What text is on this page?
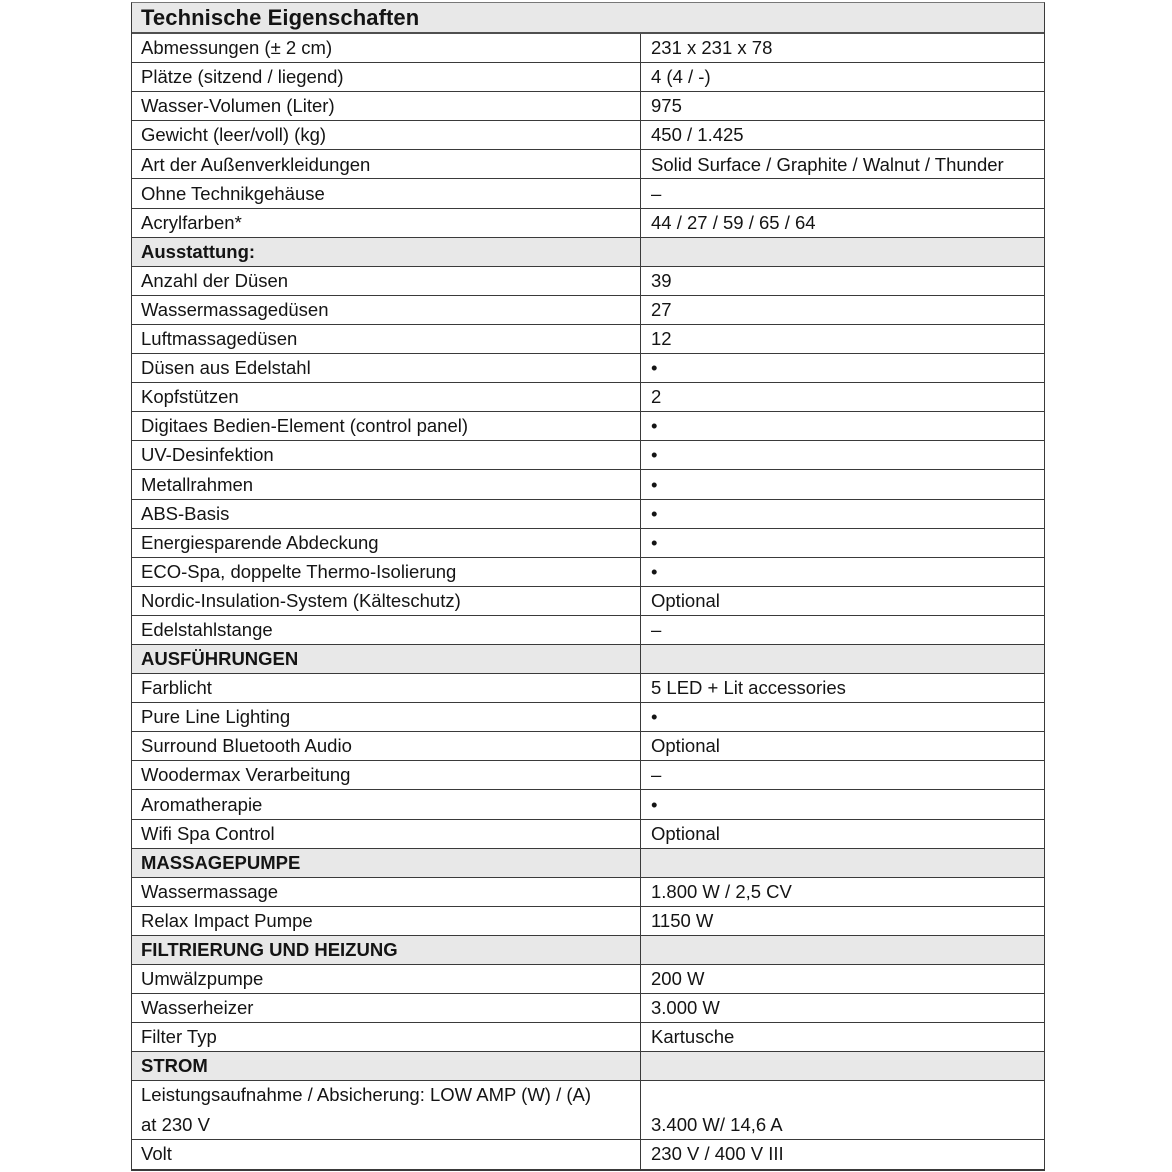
Technische Eigenschaften
Abmessungen (± 2 cm)	231 x 231 x 78
Plätze (sitzend / liegend)	4 (4 / -)
Wasser-Volumen (Liter)	975
Gewicht (leer/voll) (kg)	450 / 1.425
Art der Außenverkleidungen	Solid Surface / Graphite / Walnut / Thunder
Ohne Technikgehäuse	–
Acrylfarben*	44 / 27 / 59 / 65 / 64
Ausstattung:
Anzahl der Düsen	39
Wassermassagedüsen	27
Luftmassagedüsen	12
Düsen aus Edelstahl	•
Kopfstützen	2
Digitaes Bedien-Element (control panel)	•
UV-Desinfektion	•
Metallrahmen	•
ABS-Basis	•
Energiesparende Abdeckung	•
ECO-Spa, doppelte Thermo-Isolierung	•
Nordic-Insulation-System (Kälteschutz)	Optional
Edelstahlstange	–
AUSFÜHRUNGEN
Farblicht	5 LED + Lit accessories
Pure Line Lighting	•
Surround Bluetooth Audio	Optional
Woodermax Verarbeitung	–
Aromatherapie	•
Wifi Spa Control	Optional
MASSAGEPUMPE
Wassermassage	1.800 W / 2,5 CV
Relax Impact Pumpe	1150 W
FILTRIERUNG UND HEIZUNG
Umwälzpumpe	200 W
Wasserheizer	3.000 W
Filter Typ	Kartusche
STROM
Leistungsaufnahme / Absicherung: LOW AMP (W) / (A)
at 230 V	3.400 W/ 14,6 A
Volt	230 V / 400 V III
